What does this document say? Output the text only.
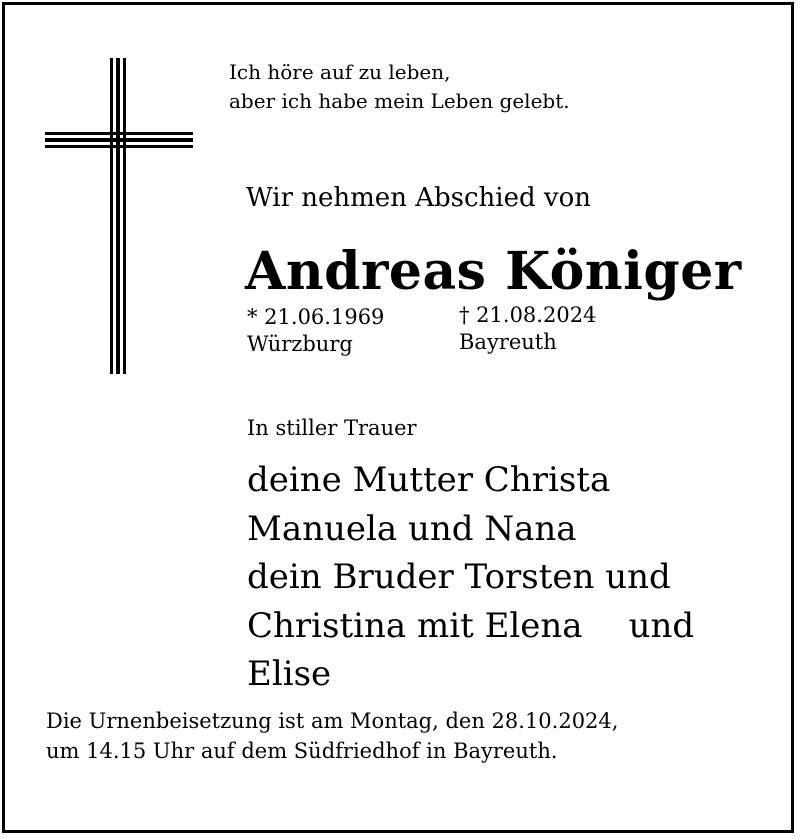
Ich höre auf zu leben,
aber ich habe mein Leben gelebt.
Wir nehmen Abschied von
Andreas Königer
* 21.06.1969
Würzburg
† 21.08.2024
Bayreuth
In stiller Trauer
deine Mutter Christa
Manuela und Nana
dein Bruder Torsten und
Christina mit Elena und
Elise
Die Urnenbeisetzung ist am Montag, den 28.10.2024,
um 14.15 Uhr auf dem Südfriedhof in Bayreuth.
